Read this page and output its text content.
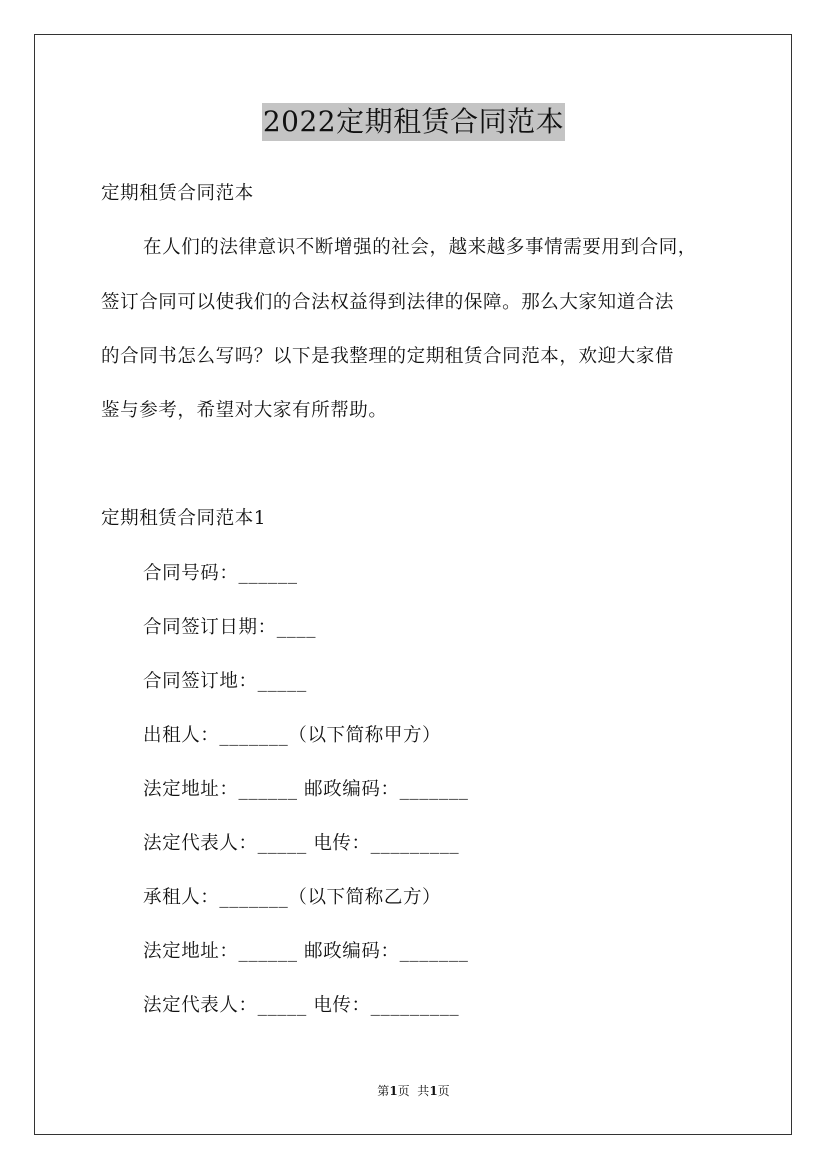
2022定期租赁合同范本
定期租赁合同范本
在人们的法律意识不断增强的社会，越来越多事情需要用到合同，
签订合同可以使我们的合法权益得到法律的保障。那么大家知道合法
的合同书怎么写吗？以下是我整理的定期租赁合同范本，欢迎大家借
鉴与参考，希望对大家有所帮助。
定期租赁合同范本1
合同号码：______
合同签订日期：____
合同签订地：_____
出租人：_______（以下简称甲方）
法定地址：______ 邮政编码：_______
法定代表人：_____ 电传：_________
承租人：_______（以下简称乙方）
法定地址：______ 邮政编码：_______
法定代表人：_____ 电传：_________
第1页  共1页
